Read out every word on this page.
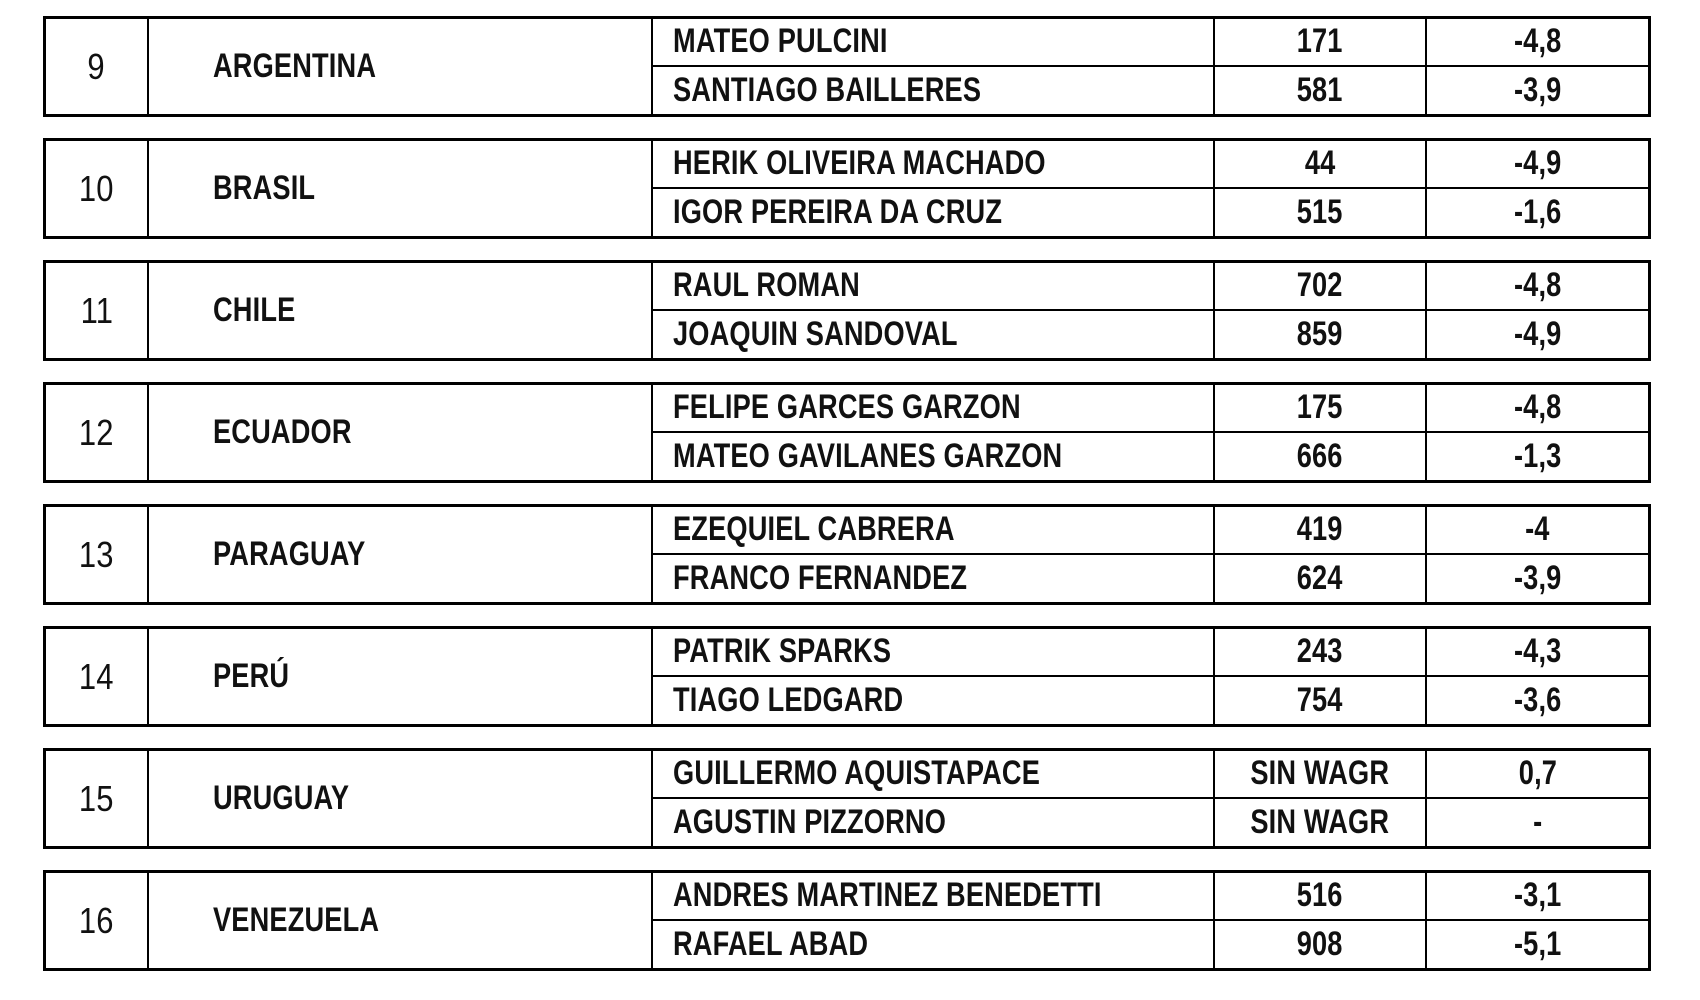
9	ARGENTINA
MATEO PULCINI	171	-4,8
SANTIAGO BAILLERES	581	-3,9
10	BRASIL
HERIK OLIVEIRA MACHADO	44	-4,9
IGOR PEREIRA DA CRUZ	515	-1,6
11	CHILE
RAUL ROMAN	702	-4,8
JOAQUIN SANDOVAL	859	-4,9
12	ECUADOR
FELIPE GARCES GARZON	175	-4,8
MATEO GAVILANES GARZON	666	-1,3
13	PARAGUAY
EZEQUIEL CABRERA	419	-4
FRANCO FERNANDEZ	624	-3,9
14	PERÚ
PATRIK SPARKS	243	-4,3
TIAGO LEDGARD	754	-3,6
15	URUGUAY
GUILLERMO AQUISTAPACE	SIN WAGR	0,7
AGUSTIN PIZZORNO	SIN WAGR	-
16	VENEZUELA
ANDRES MARTINEZ BENEDETTI	516	-3,1
RAFAEL ABAD	908	-5,1
